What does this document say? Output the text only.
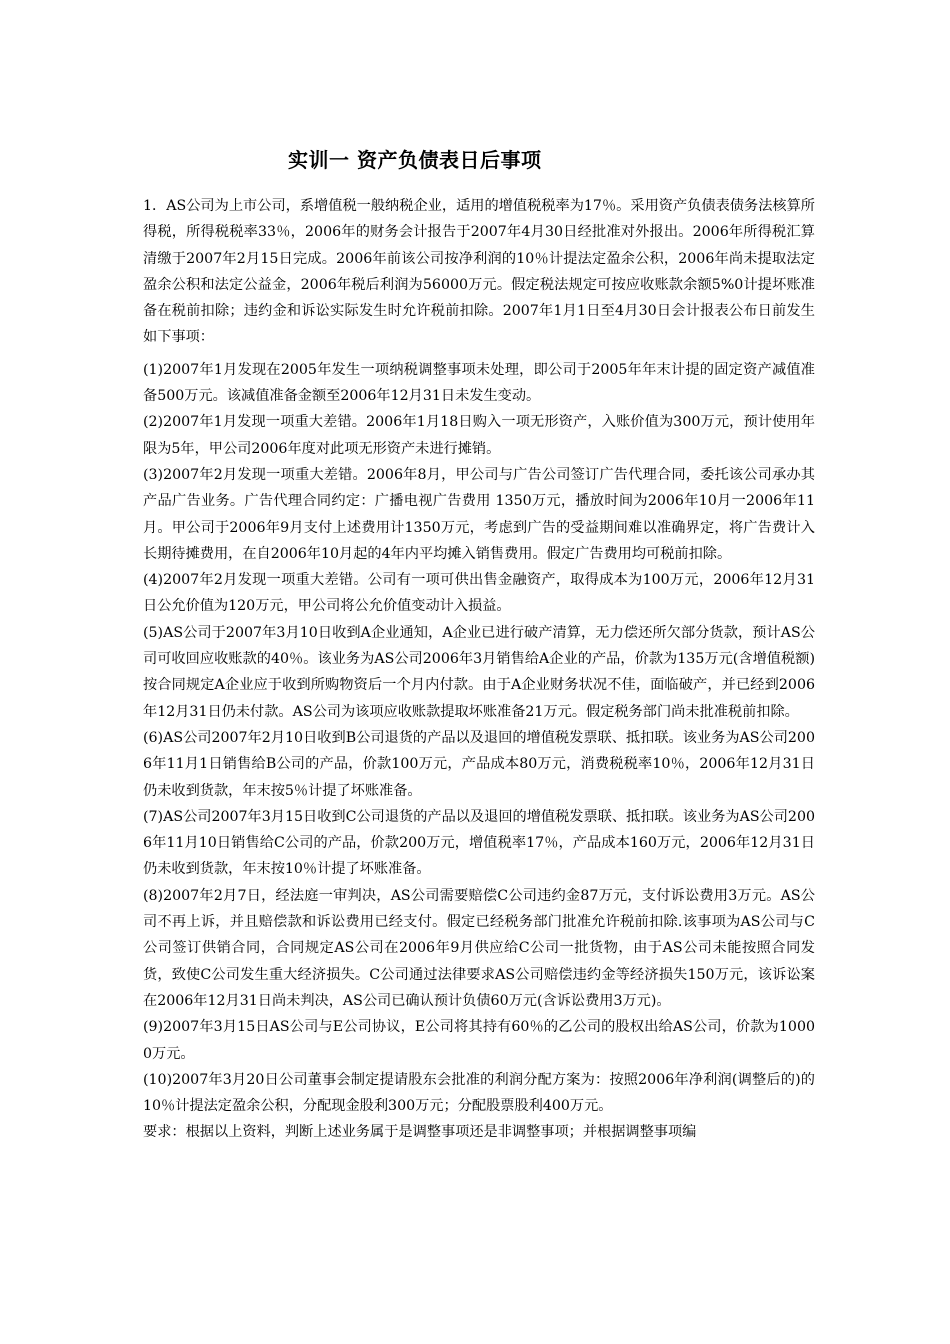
实训一 资产负债表日后事项

1．AS公司为上市公司，系增值税一般纳税企业，适用的增值税税率为17％。采用资产负债表债务法核算所得税，所得税税率33％，2006年的财务会计报告于2007年4月30日经批准对外报出。2006年所得税汇算清缴于2007年2月15日完成。2006年前该公司按净利润的10％计提法定盈余公积，2006年尚未提取法定盈余公积和法定公益金，2006年税后利润为56000万元。假定税法规定可按应收账款余额5%0计提坏账准备在税前扣除；违约金和诉讼实际发生时允许税前扣除。2007年1月1日至4月30日会计报表公布日前发生如下事项：

(1)2007年1月发现在2005年发生一项纳税调整事项未处理，即公司于2005年年末计提的固定资产减值准备500万元。该减值准备金额至2006年12月31日未发生变动。

(2)2007年1月发现一项重大差错。2006年1月18日购入一项无形资产，入账价值为300万元，预计使用年限为5年，甲公司2006年度对此项无形资产未进行摊销。

(3)2007年2月发现一项重大差错。2006年8月，甲公司与广告公司签订广告代理合同，委托该公司承办其产品广告业务。广告代理合同约定：广播电视广告费用 1350万元，播放时间为2006年10月一2006年11月。甲公司于2006年9月支付上述费用计1350万元，考虑到广告的受益期间难以准确界定，将广告费计入长期待摊费用，在自2006年10月起的4年内平均摊入销售费用。假定广告费用均可税前扣除。

(4)2007年2月发现一项重大差错。公司有一项可供出售金融资产，取得成本为100万元，2006年12月31日公允价值为120万元，甲公司将公允价值变动计入损益。

(5)AS公司于2007年3月10日收到A企业通知，A企业已进行破产清算，无力偿还所欠部分货款，预计AS公司可收回应收账款的40％。该业务为AS公司2006年3月销售给A企业的产品，价款为135万元(含增值税额)按合同规定A企业应于收到所购物资后一个月内付款。由于A企业财务状况不佳，面临破产，并已经到2006年12月31日仍未付款。AS公司为该项应收账款提取坏账准备21万元。假定税务部门尚未批准税前扣除。

(6)AS公司2007年2月10日收到B公司退货的产品以及退回的增值税发票联、抵扣联。该业务为AS公司2006年11月1日销售给B公司的产品，价款100万元，产品成本80万元，消费税税率10％，2006年12月31日仍未收到货款，年末按5％计提了坏账准备。

(7)AS公司2007年3月15日收到C公司退货的产品以及退回的增值税发票联、抵扣联。该业务为AS公司2006年11月10日销售给C公司的产品，价款200万元，增值税率17％，产品成本160万元，2006年12月31日仍未收到货款，年末按10％计提了坏账准备。

(8)2007年2月7日，经法庭一审判决，AS公司需要赔偿C公司违约金87万元，支付诉讼费用3万元。AS公司不再上诉，并且赔偿款和诉讼费用已经支付。假定已经税务部门批准允许税前扣除.该事项为AS公司与C公司签订供销合同，合同规定AS公司在2006年9月供应给C公司一批货物，由于AS公司未能按照合同发货，致使C公司发生重大经济损失。C公司通过法律要求AS公司赔偿违约金等经济损失150万元，该诉讼案在2006年12月31日尚未判决，AS公司已确认预计负债60万元(含诉讼费用3万元)。

(9)2007年3月15日AS公司与E公司协议，E公司将其持有60％的乙公司的股权出给AS公司，价款为10000万元。

(10)2007年3月20日公司董事会制定提请股东会批准的利润分配方案为：按照2006年净利润(调整后的)的10％计提法定盈余公积，分配现金股利300万元；分配股票股利400万元。

要求：根据以上资料，判断上述业务属于是调整事项还是非调整事项；并根据调整事项编
